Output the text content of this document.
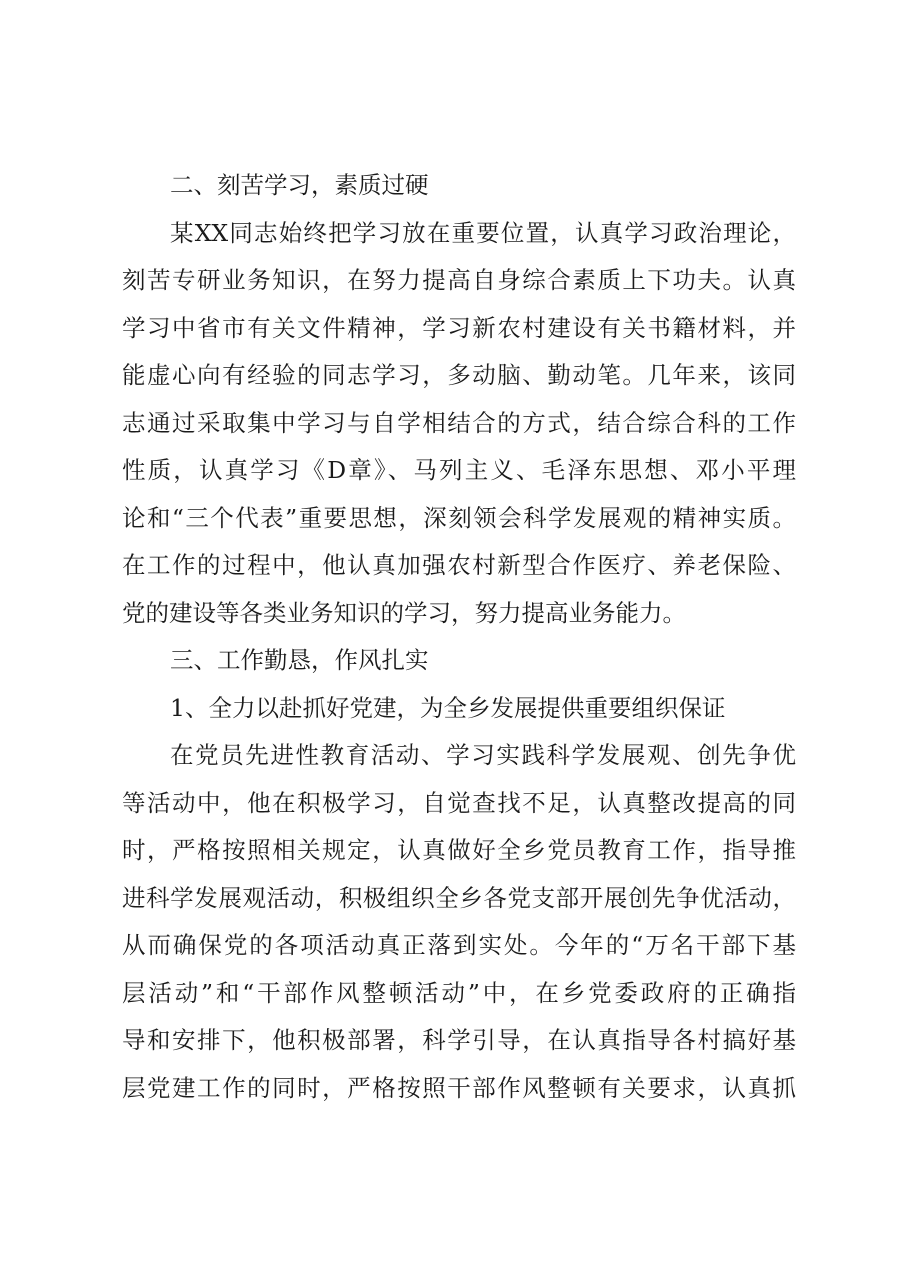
二、刻苦学习，素质过硬
某XX同志始终把学习放在重要位置，认真学习政治理论，
刻苦专研业务知识，在努力提高自身综合素质上下功夫。认真
学习中省市有关文件精神，学习新农村建设有关书籍材料，并
能虚心向有经验的同志学习，多动脑、勤动笔。几年来，该同
志通过采取集中学习与自学相结合的方式，结合综合科的工作
性质，认真学习《D章》、马列主义、毛泽东思想、邓小平理
论和“三个代表”重要思想，深刻领会科学发展观的精神实质。
在工作的过程中，他认真加强农村新型合作医疗、养老保险、
党的建设等各类业务知识的学习，努力提高业务能力。
三、工作勤恳，作风扎实
1、全力以赴抓好党建，为全乡发展提供重要组织保证
在党员先进性教育活动、学习实践科学发展观、创先争优
等活动中，他在积极学习，自觉查找不足，认真整改提高的同
时，严格按照相关规定，认真做好全乡党员教育工作，指导推
进科学发展观活动，积极组织全乡各党支部开展创先争优活动，
从而确保党的各项活动真正落到实处。今年的“万名干部下基
层活动”和“干部作风整顿活动”中，在乡党委政府的正确指
导和安排下，他积极部署，科学引导，在认真指导各村搞好基
层党建工作的同时，严格按照干部作风整顿有关要求，认真抓
